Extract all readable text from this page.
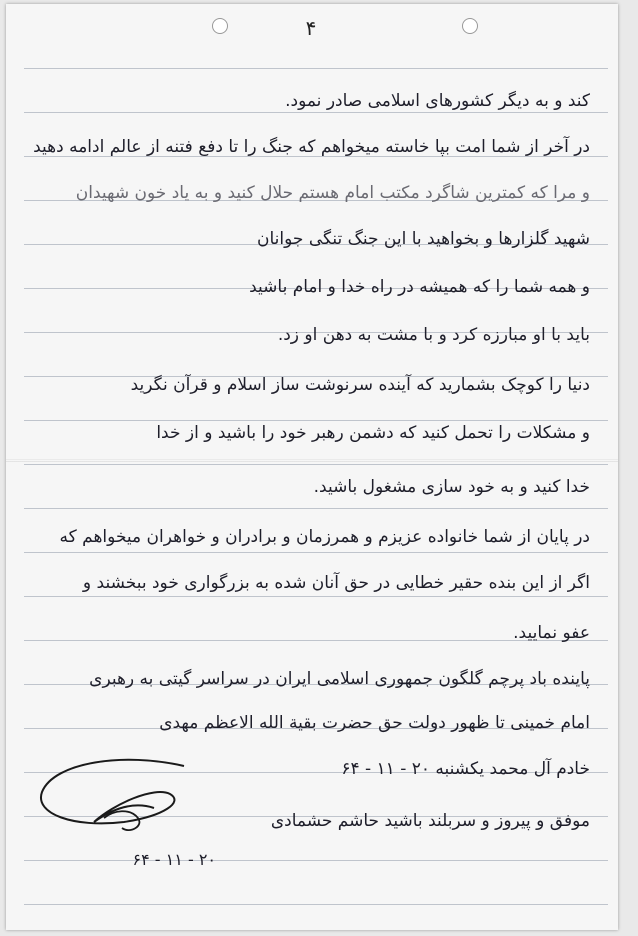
۴
کند و به دیگر کشورهای اسلامی صادر نمود.
در آخر از شما امت بپا خاسته میخواهم که جنگ را تا دفع فتنه از عالم ادامه دهید
و مرا که کمترین شاگرد مکتب امام هستم حلال کنید و به یاد خون شهیدان
شهید گلزارها و بخواهید با این جنگ تنگی جوانان
و همه شما را که همیشه در راه خدا و امام باشید
باید با او مبارزه کرد و با مشت به دهن او زد.
دنیا را کوچک بشمارید که آینده سرنوشت ساز اسلام و قرآن نگرید
و مشکلات را تحمل کنید که دشمن رهبر خود را باشید و از خدا
خدا کنید و به خود سازی مشغول باشید.
در پایان از شما خانواده عزیزم و همرزمان و برادران و خواهران میخواهم که
اگر از این بنده حقیر خطایی در حق آنان شده به بزرگواری خود ببخشند و
عفو نمایید.
پاینده باد پرچم گلگون جمهوری اسلامی ایران در سراسر گیتی به رهبری
امام خمینی تا ظهور دولت حق حضرت بقیة الله الاعظم مهدی
خادم آل محمد یکشنبه ۲۰ - ۱۱ - ۶۴
موفق و پیروز و سربلند باشید حاشم حشمادی
۲۰ - ۱۱ - ۶۴
